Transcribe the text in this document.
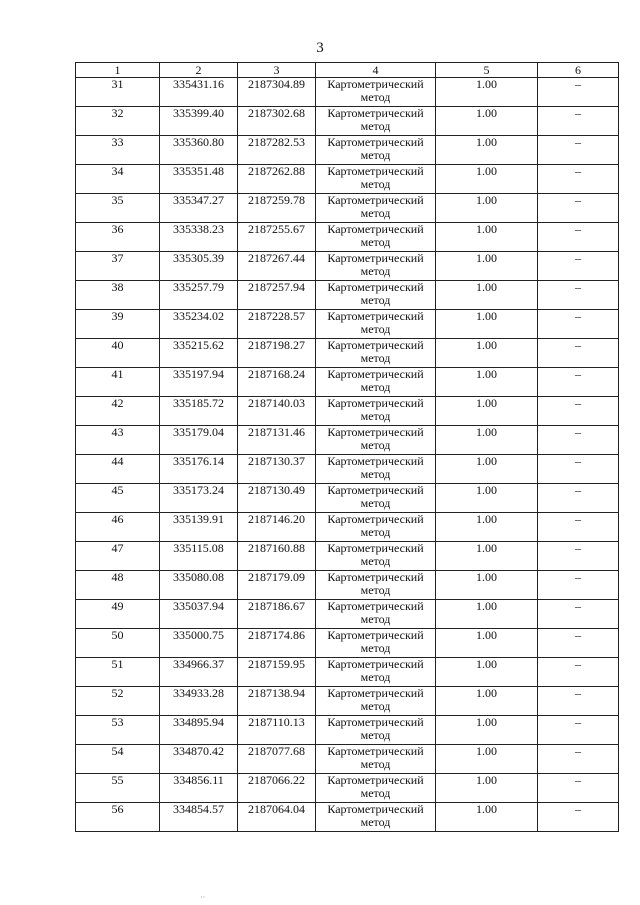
3
1	2	3	4	5	6
31	335431.16	2187304.89	Картометрический метод	1.00	–
32	335399.40	2187302.68	Картометрический метод	1.00	–
33	335360.80	2187282.53	Картометрический метод	1.00	–
34	335351.48	2187262.88	Картометрический метод	1.00	–
35	335347.27	2187259.78	Картометрический метод	1.00	–
36	335338.23	2187255.67	Картометрический метод	1.00	–
37	335305.39	2187267.44	Картометрический метод	1.00	–
38	335257.79	2187257.94	Картометрический метод	1.00	–
39	335234.02	2187228.57	Картометрический метод	1.00	–
40	335215.62	2187198.27	Картометрический метод	1.00	–
41	335197.94	2187168.24	Картометрический метод	1.00	–
42	335185.72	2187140.03	Картометрический метод	1.00	–
43	335179.04	2187131.46	Картометрический метод	1.00	–
44	335176.14	2187130.37	Картометрический метод	1.00	–
45	335173.24	2187130.49	Картометрический метод	1.00	–
46	335139.91	2187146.20	Картометрический метод	1.00	–
47	335115.08	2187160.88	Картометрический метод	1.00	–
48	335080.08	2187179.09	Картометрический метод	1.00	–
49	335037.94	2187186.67	Картометрический метод	1.00	–
50	335000.75	2187174.86	Картометрический метод	1.00	–
51	334966.37	2187159.95	Картометрический метод	1.00	–
52	334933.28	2187138.94	Картометрический метод	1.00	–
53	334895.94	2187110.13	Картометрический метод	1.00	–
54	334870.42	2187077.68	Картометрический метод	1.00	–
55	334856.11	2187066.22	Картометрический метод	1.00	–
56	334854.57	2187064.04	Картометрический метод	1.00	–
··
